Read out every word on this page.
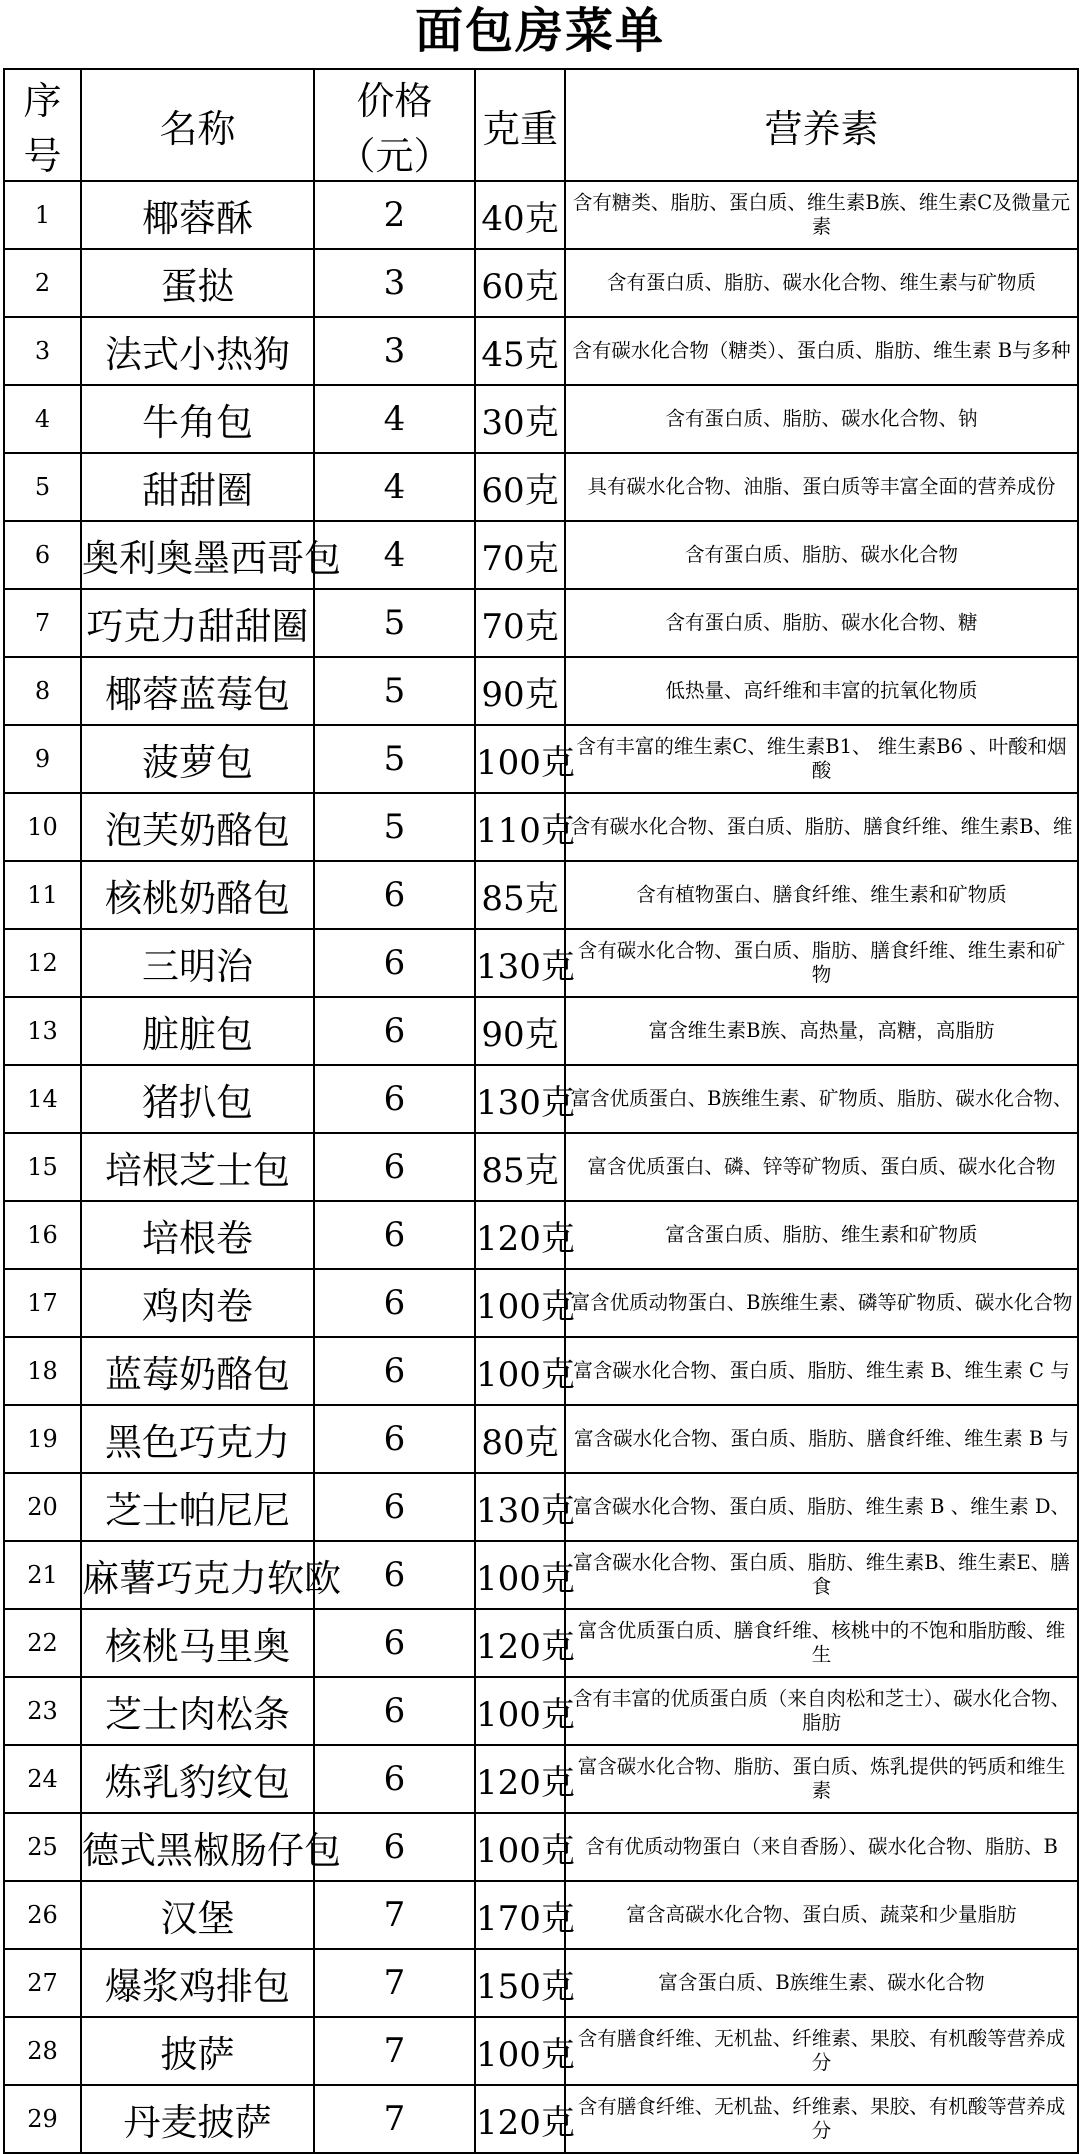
面包房菜单
序号	名称	价格（元）	克重	营养素
1	椰蓉酥	2	40克	含有糖类、脂肪、蛋白质、维生素B族、维生素C及微量元素

2	蛋挞	3	60克	含有蛋白质、脂肪、碳水化合物、维生素与矿物质

3	法式小热狗	3	45克	含有碳水化合物（糖类）、蛋白质、脂肪、维生素 B与多种

4	牛角包	4	30克	含有蛋白质、脂肪、碳水化合物、钠

5	甜甜圈	4	60克	具有碳水化合物、油脂、蛋白质等丰富全面的营养成份

6	奥利奥墨西哥包	4	70克	含有蛋白质、脂肪、碳水化合物

7	巧克力甜甜圈	5	70克	含有蛋白质、脂肪、碳水化合物、糖

8	椰蓉蓝莓包	5	90克	低热量、高纤维和丰富的抗氧化物质

9	菠萝包	5	100克	含有丰富的维生素C、维生素B1、 维生素B6 、叶酸和烟酸

10	泡芙奶酪包	5	110克	含有碳水化合物、蛋白质、脂肪、膳食纤维、维生素B、维

11	核桃奶酪包	6	85克	含有植物蛋白、膳食纤维、维生素和矿物质

12	三明治	6	130克	含有碳水化合物、蛋白质、脂肪、膳食纤维、维生素和矿物

13	脏脏包	6	90克	富含维生素B族、高热量，高糖，高脂肪

14	猪扒包	6	130克	富含优质蛋白、B族维生素、矿物质、脂肪、碳水化合物、

15	培根芝士包	6	85克	富含优质蛋白、磷、锌等矿物质、蛋白质、碳水化合物

16	培根卷	6	120克	富含蛋白质、脂肪、维生素和矿物质

17	鸡肉卷	6	100克	富含优质动物蛋白、B族维生素、磷等矿物质、碳水化合物

18	蓝莓奶酪包	6	100克	富含碳水化合物、蛋白质、脂肪、维生素 B、维生素 C 与

19	黑色巧克力	6	80克	富含碳水化合物、蛋白质、脂肪、膳食纤维、维生素 B 与

20	芝士帕尼尼	6	130克	富含碳水化合物、蛋白质、脂肪、维生素 B 、维生素 D、

21	麻薯巧克力软欧	6	100克	富含碳水化合物、蛋白质、脂肪、维生素B、维生素E、膳食

22	核桃马里奥	6	120克	富含优质蛋白质、膳食纤维、核桃中的不饱和脂肪酸、维生

23	芝士肉松条	6	100克	含有丰富的优质蛋白质（来自肉松和芝士）、碳水化合物、脂肪

24	炼乳豹纹包	6	120克	富含碳水化合物、脂肪、蛋白质、炼乳提供的钙质和维生素

25	德式黑椒肠仔包	6	100克	含有优质动物蛋白（来自香肠）、碳水化合物、脂肪、B

26	汉堡	7	170克	富含高碳水化合物、蛋白质、蔬菜和少量脂肪

27	爆浆鸡排包	7	150克	富含蛋白质、B族维生素、碳水化合物

28	披萨	7	100克	含有膳食纤维、无机盐、纤维素、果胶、有机酸等营养成分

29	丹麦披萨	7	120克	含有膳食纤维、无机盐、纤维素、果胶、有机酸等营养成分
